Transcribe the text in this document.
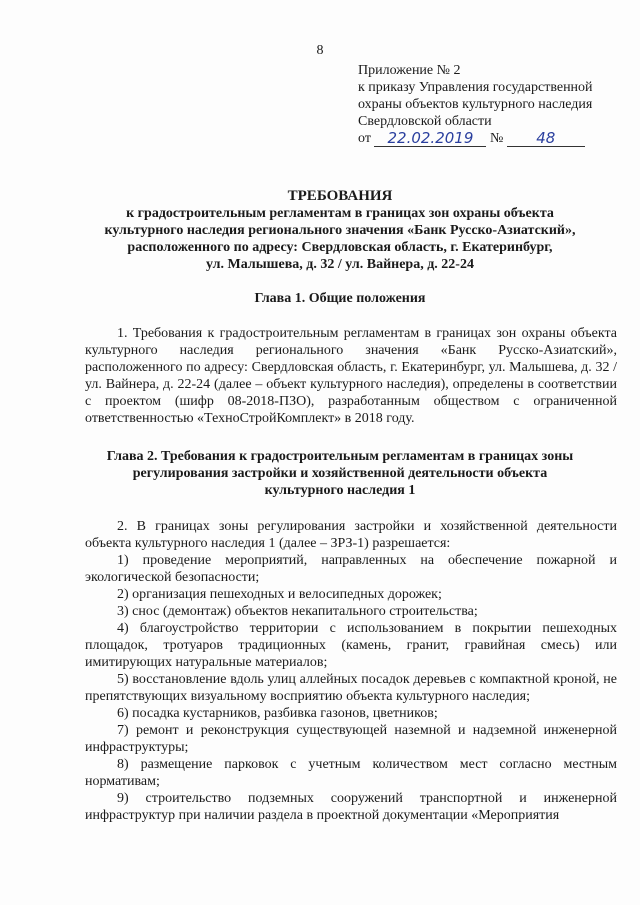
8
Приложение № 2
к приказу Управления государственной
охраны объектов культурного наследия
Свердловской области
от 22.02.2019 № 48
ТРЕБОВАНИЯ
к градостроительным регламентам в границах зон охраны объекта
культурного наследия регионального значения «Банк Русско-Азиатский»,
расположенного по адресу: Свердловская область, г. Екатеринбург,
ул. Малышева, д. 32 / ул. Вайнера, д. 22-24
Глава 1. Общие положения

1. Требования к градостроительным регламентам в границах зон охраны объекта культурного наследия регионального значения «Банк Русско-Азиатский», расположенного по адресу: Свердловская область, г. Екатеринбург, ул. Малышева, д. 32 / ул. Вайнера, д. 22-24 (далее – объект культурного наследия), определены в соответствии с проектом (шифр 08-2018-ПЗО), разработанным обществом с ограниченной ответственностью «ТехноСтройКомплект» в 2018 году.

Глава 2. Требования к градостроительным регламентам в границах зоны
регулирования застройки и хозяйственной деятельности объекта
культурного наследия 1

2. В границах зоны регулирования застройки и хозяйственной деятельности объекта культурного наследия 1 (далее – ЗРЗ-1) разрешается:

1) проведение мероприятий, направленных на обеспечение пожарной и экологической безопасности;

2) организация пешеходных и велосипедных дорожек;

3) снос (демонтаж) объектов некапитального строительства;

4) благоустройство территории с использованием в покрытии пешеходных площадок, тротуаров традиционных (камень, гранит, гравийная смесь) или имитирующих натуральные материалов;

5) восстановление вдоль улиц аллейных посадок деревьев с компактной кроной, не препятствующих визуальному восприятию объекта культурного наследия;

6) посадка кустарников, разбивка газонов, цветников;

7) ремонт и реконструкция существующей наземной и надземной инженерной инфраструктуры;

8) размещение парковок с учетным количеством мест согласно местным нормативам;

9) строительство подземных сооружений транспортной и инженерной инфраструктур при наличии раздела в проектной документации «Мероприятия
